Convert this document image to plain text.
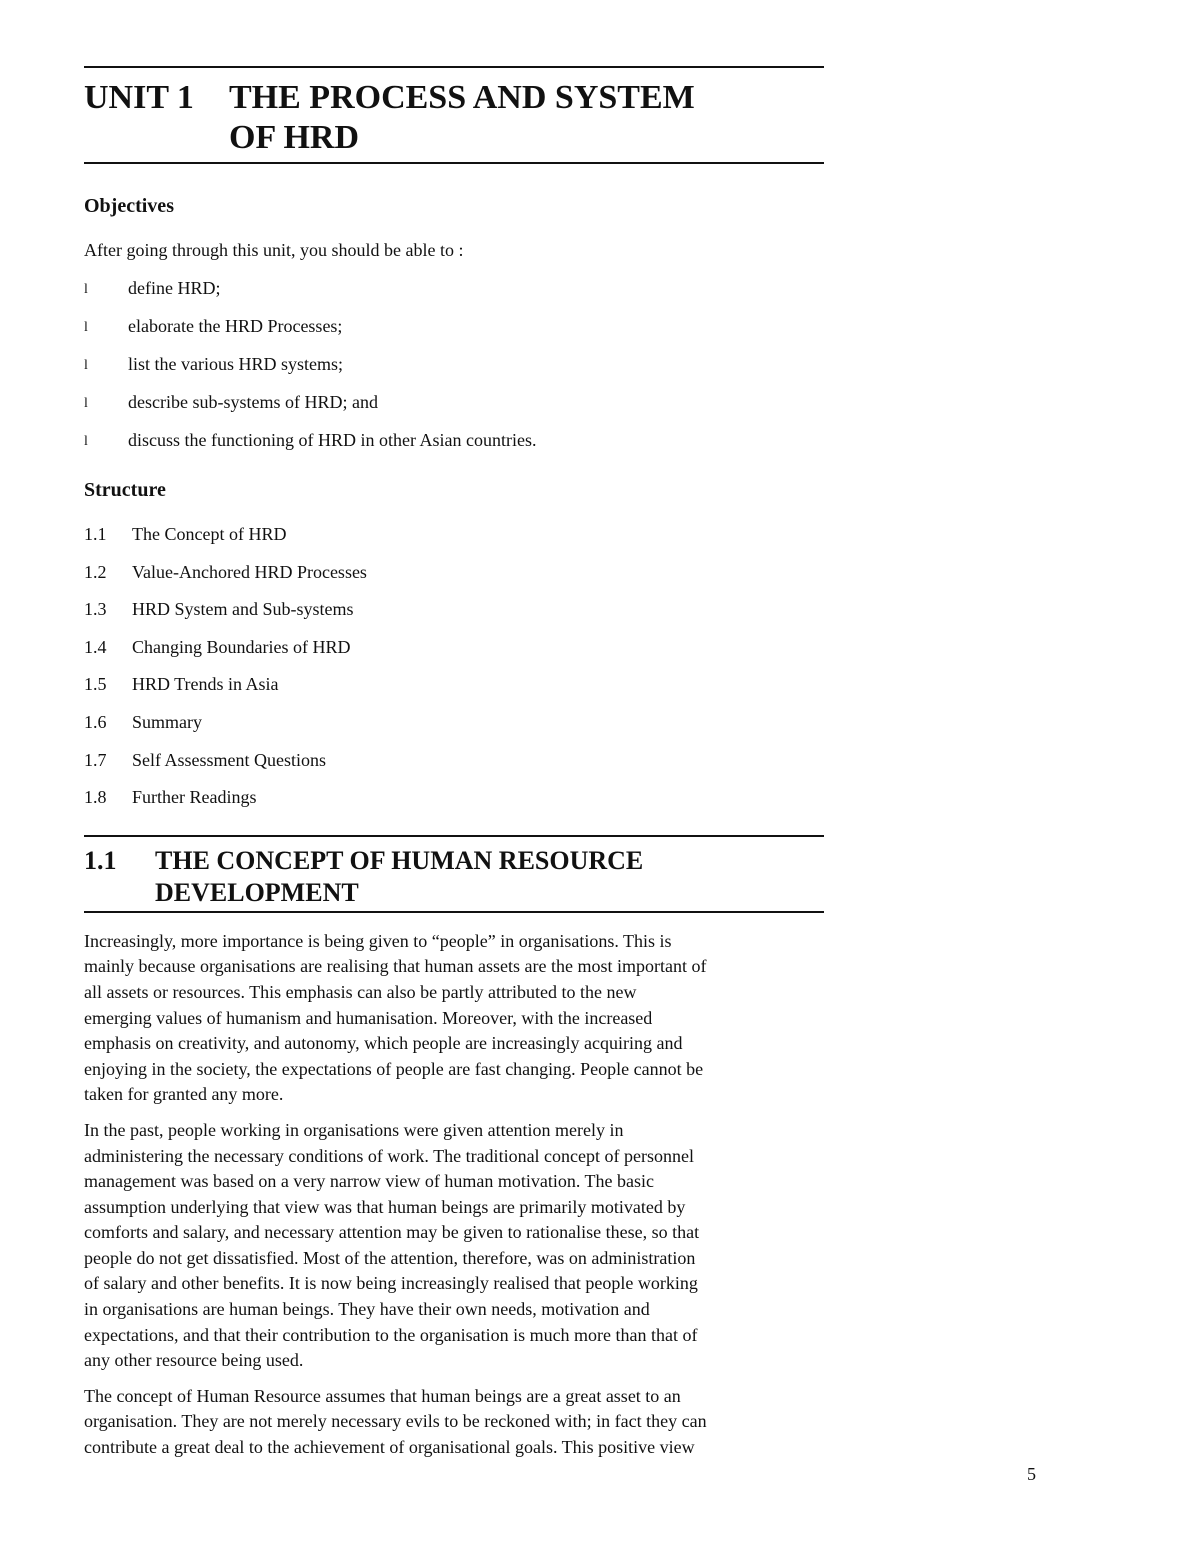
UNIT 1	THE PROCESS AND SYSTEM
OF HRD
Objectives

After going through this unit, you should be able to :

l	define HRD;
l	elaborate the HRD Processes;
l	list the various HRD systems;
l	describe sub-systems of HRD; and
l	discuss the functioning of HRD in other Asian countries.
Structure
1.1	The Concept of HRD
1.2	Value-Anchored HRD Processes
1.3	HRD System and Sub-systems
1.4	Changing Boundaries of HRD
1.5	HRD Trends in Asia
1.6	Summary
1.7	Self Assessment Questions
1.8	Further Readings
1.1	THE CONCEPT OF HUMAN RESOURCE
DEVELOPMENT

Increasingly, more importance is being given to “people” in organisations. This is
mainly because organisations are realising that human assets are the most important of
all assets or resources. This emphasis can also be partly attributed to the new
emerging values of humanism and humanisation. Moreover, with the increased
emphasis on creativity, and autonomy, which people are increasingly acquiring and
enjoying in the society, the expectations of people are fast changing. People cannot be
taken for granted any more.

In the past, people working in organisations were given attention merely in
administering the necessary conditions of work. The traditional concept of personnel
management was based on a very narrow view of human motivation. The basic
assumption underlying that view was that human beings are primarily motivated by
comforts and salary, and necessary attention may be given to rationalise these, so that
people do not get dissatisfied. Most of the attention, therefore, was on administration
of salary and other benefits. It is now being increasingly realised that people working
in organisations are human beings. They have their own needs, motivation and
expectations, and that their contribution to the organisation is much more than that of
any other resource being used.

The concept of Human Resource assumes that human beings are a great asset to an
organisation. They are not merely necessary evils to be reckoned with; in fact they can
contribute a great deal to the achievement of organisational goals. This positive view

5
